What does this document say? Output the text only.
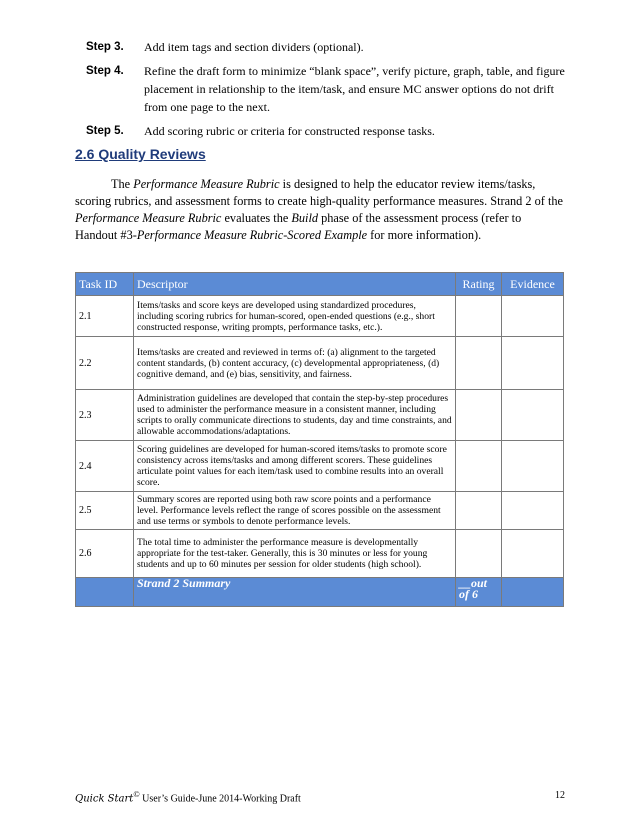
Step 3.	Add item tags and section dividers (optional).
Step 4.	Refine the draft form to minimize “blank space”, verify picture, graph, table, and figure placement in relationship to the item/task, and ensure MC answer options do not drift from one page to the next.
Step 5.	Add scoring rubric or criteria for constructed response tasks.
2.6 Quality Reviews
The Performance Measure Rubric is designed to help the educator review items/tasks, scoring rubrics, and assessment forms to create high-quality performance measures. Strand 2 of the Performance Measure Rubric evaluates the Build phase of the assessment process (refer to Handout #3-Performance Measure Rubric-Scored Example for more information).
Task ID	Descriptor	Rating	Evidence
2.1	Items/tasks and score keys are developed using standardized procedures, including scoring rubrics for human-scored, open-ended questions (e.g., short constructed response, writing prompts, performance tasks, etc.).		
2.2	Items/tasks are created and reviewed in terms of: (a) alignment to the targeted content standards, (b) content accuracy, (c) developmental appropriateness, (d) cognitive demand, and (e) bias, sensitivity, and fairness.		
2.3	Administration guidelines are developed that contain the step-by-step procedures used to administer the performance measure in a consistent manner, including scripts to orally communicate directions to students, day and time constraints, and allowable accommodations/adaptations.		
2.4	Scoring guidelines are developed for human-scored items/tasks to promote score consistency across items/tasks and among different scorers. These guidelines articulate point values for each item/task used to combine results into an overall score.		
2.5	Summary scores are reported using both raw score points and a performance level. Performance levels reflect the range of scores possible on the assessment and use terms or symbols to denote performance levels.		
2.6	The total time to administer the performance measure is developmentally appropriate for the test-taker. Generally, this is 30 minutes or less for young students and up to 60 minutes per session for older students (high school).		
	Strand 2 Summary	__out of 6	
Quick Start© User’s Guide-June 2014-Working Draft	12
